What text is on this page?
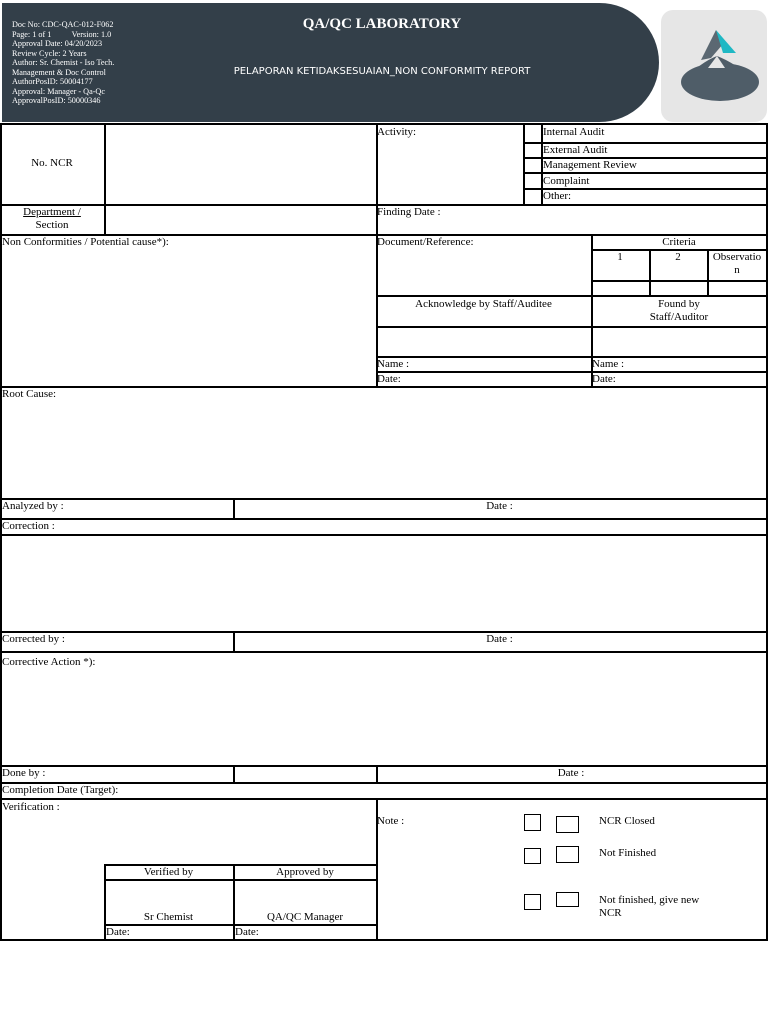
Doc No: CDC-QAC-012-F062
Page: 1 of 1          Version: 1.0
Approval Date: 04/20/2023
Review Cycle: 2 Years
Author: Sr. Chemist - Iso Tech.
Management & Doc Control
AuthorPosID: 50004177
Approval: Manager - Qa-Qc
ApprovalPosID: 50000346
QA/QC LABORATORY
PELAPORAN KETIDAKSESUAIAN_NON CONFORMITY REPORT
No. NCR
Activity:	Internal Audit
External Audit
Management Review
Complaint
Other:
Department /
Section
Finding Date :
Non Conformities / Potential cause*):	Document/Reference:	Criteria
1	2	Observatio
n
Acknowledge by Staff/Auditee	Found by
Staff/Auditor
Name :	Name :
Date:	Date:
Root Cause:
Analyzed by :	Date :
Correction :
Corrected by :	Date :
Corrective Action *):
Done by :	Date :
Completion Date (Target):
Verification :
Verified by	Approved by
Sr Chemist	QA/QC Manager
Date:	Date:
Note :	NCR Closed
Not Finished
Not finished, give new
NCR
